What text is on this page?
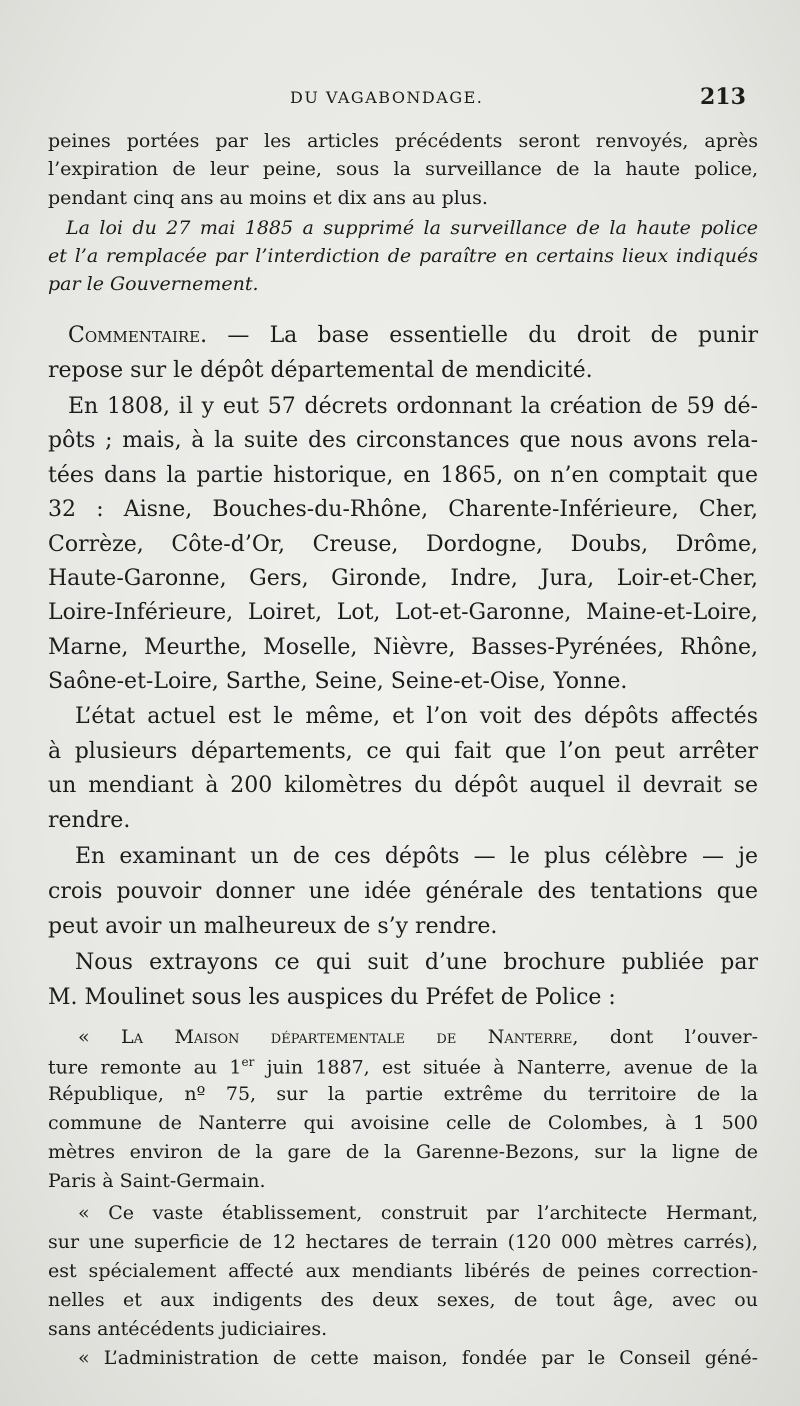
DU VAGABONDAGE.	213
peines portées par les articles précédents seront renvoyés, après
l’expiration de leur peine, sous la surveillance de la haute police,
pendant cinq ans au moins et dix ans au plus.
La loi du 27 mai 1885 a supprimé la surveillance de la haute police
et l’a remplacée par l’interdiction de paraître en certains lieux indiqués
par le Gouvernement.
Commentaire. — La base essentielle du droit de punir
repose sur le dépôt départemental de mendicité.
En 1808, il y eut 57 décrets ordonnant la création de 59 dé-
pôts ; mais, à la suite des circonstances que nous avons rela-
tées dans la partie historique, en 1865, on n’en comptait que
32 : Aisne, Bouches-du-Rhône, Charente-Inférieure, Cher,
Corrèze, Côte-d’Or, Creuse, Dordogne, Doubs, Drôme,
Haute-Garonne, Gers, Gironde, Indre, Jura, Loir-et-Cher,
Loire-Inférieure, Loiret, Lot, Lot-et-Garonne, Maine-et-Loire,
Marne, Meurthe, Moselle, Nièvre, Basses-Pyrénées, Rhône,
Saône-et-Loire, Sarthe, Seine, Seine-et-Oise, Yonne.
L’état actuel est le même, et l’on voit des dépôts affectés
à plusieurs départements, ce qui fait que l’on peut arrêter
un mendiant à 200 kilomètres du dépôt auquel il devrait se
rendre.
En examinant un de ces dépôts — le plus célèbre — je
crois pouvoir donner une idée générale des tentations que
peut avoir un malheureux de s’y rendre.
Nous extrayons ce qui suit d’une brochure publiée par
M. Moulinet sous les auspices du Préfet de Police :
« La Maison départementale de Nanterre, dont l’ouver-
ture remonte au 1er juin 1887, est située à Nanterre, avenue de la
République, nº 75, sur la partie extrême du territoire de la
commune de Nanterre qui avoisine celle de Colombes, à 1 500
mètres environ de la gare de la Garenne-Bezons, sur la ligne de
Paris à Saint-Germain.
« Ce vaste établissement, construit par l’architecte Hermant,
sur une superficie de 12 hectares de terrain (120 000 mètres carrés),
est spécialement affecté aux mendiants libérés de peines correction-
nelles et aux indigents des deux sexes, de tout âge, avec ou
sans antécédents judiciaires.
« L’administration de cette maison, fondée par le Conseil géné-
